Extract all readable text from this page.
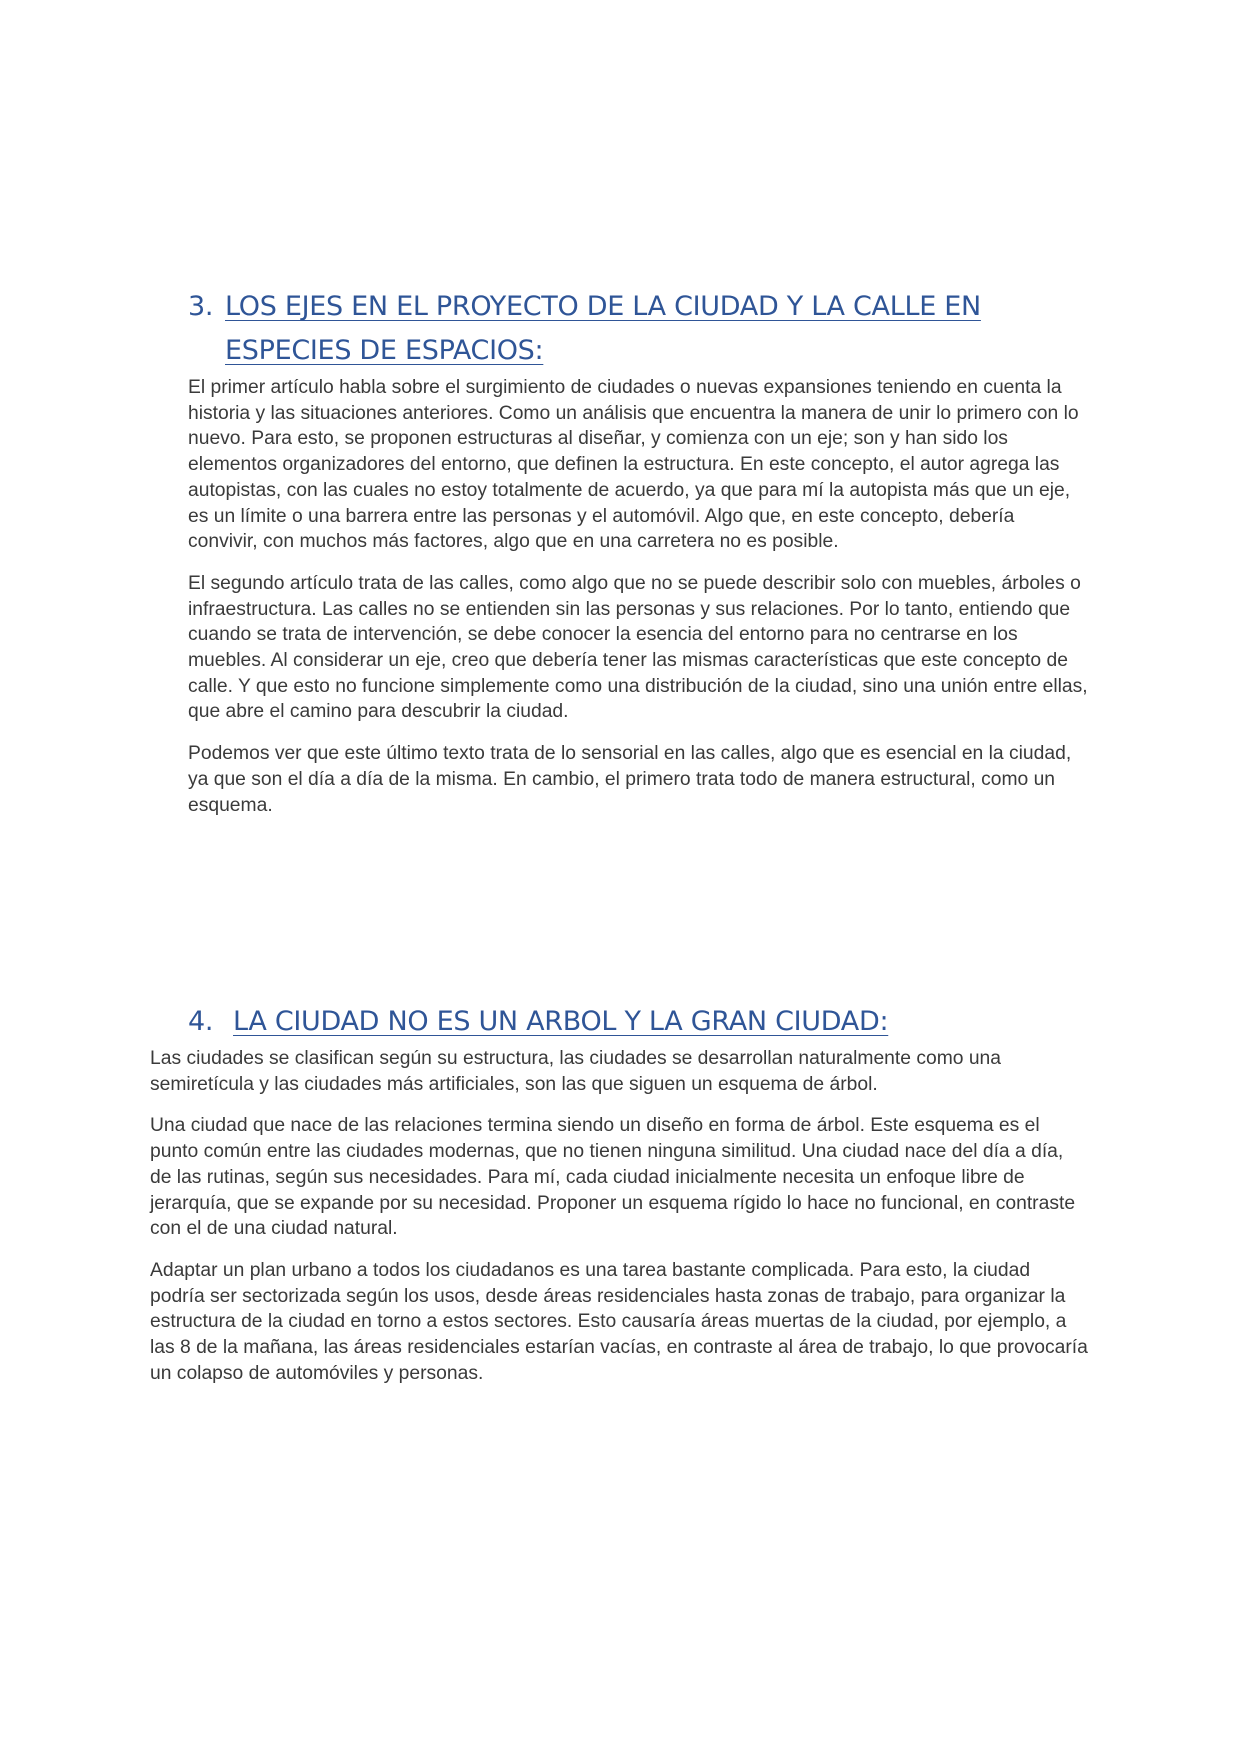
3. LOS EJES EN EL PROYECTO DE LA CIUDAD Y LA CALLE EN ESPECIES DE ESPACIOS:

El primer artículo habla sobre el surgimiento de ciudades o nuevas expansiones teniendo en cuenta la historia y las situaciones anteriores. Como un análisis que encuentra la manera de unir lo primero con lo nuevo. Para esto, se proponen estructuras al diseñar, y comienza con un eje; son y han sido los elementos organizadores del entorno, que definen la estructura. En este concepto, el autor agrega las autopistas, con las cuales no estoy totalmente de acuerdo, ya que para mí la autopista más que un eje, es un límite o una barrera entre las personas y el automóvil. Algo que, en este concepto, debería convivir, con muchos más factores, algo que en una carretera no es posible.

El segundo artículo trata de las calles, como algo que no se puede describir solo con muebles, árboles o infraestructura. Las calles no se entienden sin las personas y sus relaciones. Por lo tanto, entiendo que cuando se trata de intervención, se debe conocer la esencia del entorno para no centrarse en los muebles. Al considerar un eje, creo que debería tener las mismas características que este concepto de calle. Y que esto no funcione simplemente como una distribución de la ciudad, sino una unión entre ellas, que abre el camino para descubrir la ciudad.

Podemos ver que este último texto trata de lo sensorial en las calles, algo que es esencial en la ciudad, ya que son el día a día de la misma. En cambio, el primero trata todo de manera estructural, como un esquema.

4. LA CIUDAD NO ES UN ARBOL Y LA GRAN CIUDAD:

Las ciudades se clasifican según su estructura, las ciudades se desarrollan naturalmente como una semiretícula y las ciudades más artificiales, son las que siguen un esquema de árbol.

Una ciudad que nace de las relaciones termina siendo un diseño en forma de árbol. Este esquema es el punto común entre las ciudades modernas, que no tienen ninguna similitud. Una ciudad nace del día a día, de las rutinas, según sus necesidades. Para mí, cada ciudad inicialmente necesita un enfoque libre de jerarquía, que se expande por su necesidad. Proponer un esquema rígido lo hace no funcional, en contraste con el de una ciudad natural.

Adaptar un plan urbano a todos los ciudadanos es una tarea bastante complicada. Para esto, la ciudad podría ser sectorizada según los usos, desde áreas residenciales hasta zonas de trabajo, para organizar la estructura de la ciudad en torno a estos sectores. Esto causaría áreas muertas de la ciudad, por ejemplo, a las 8 de la mañana, las áreas residenciales estarían vacías, en contraste al área de trabajo, lo que provocaría un colapso de automóviles y personas.
